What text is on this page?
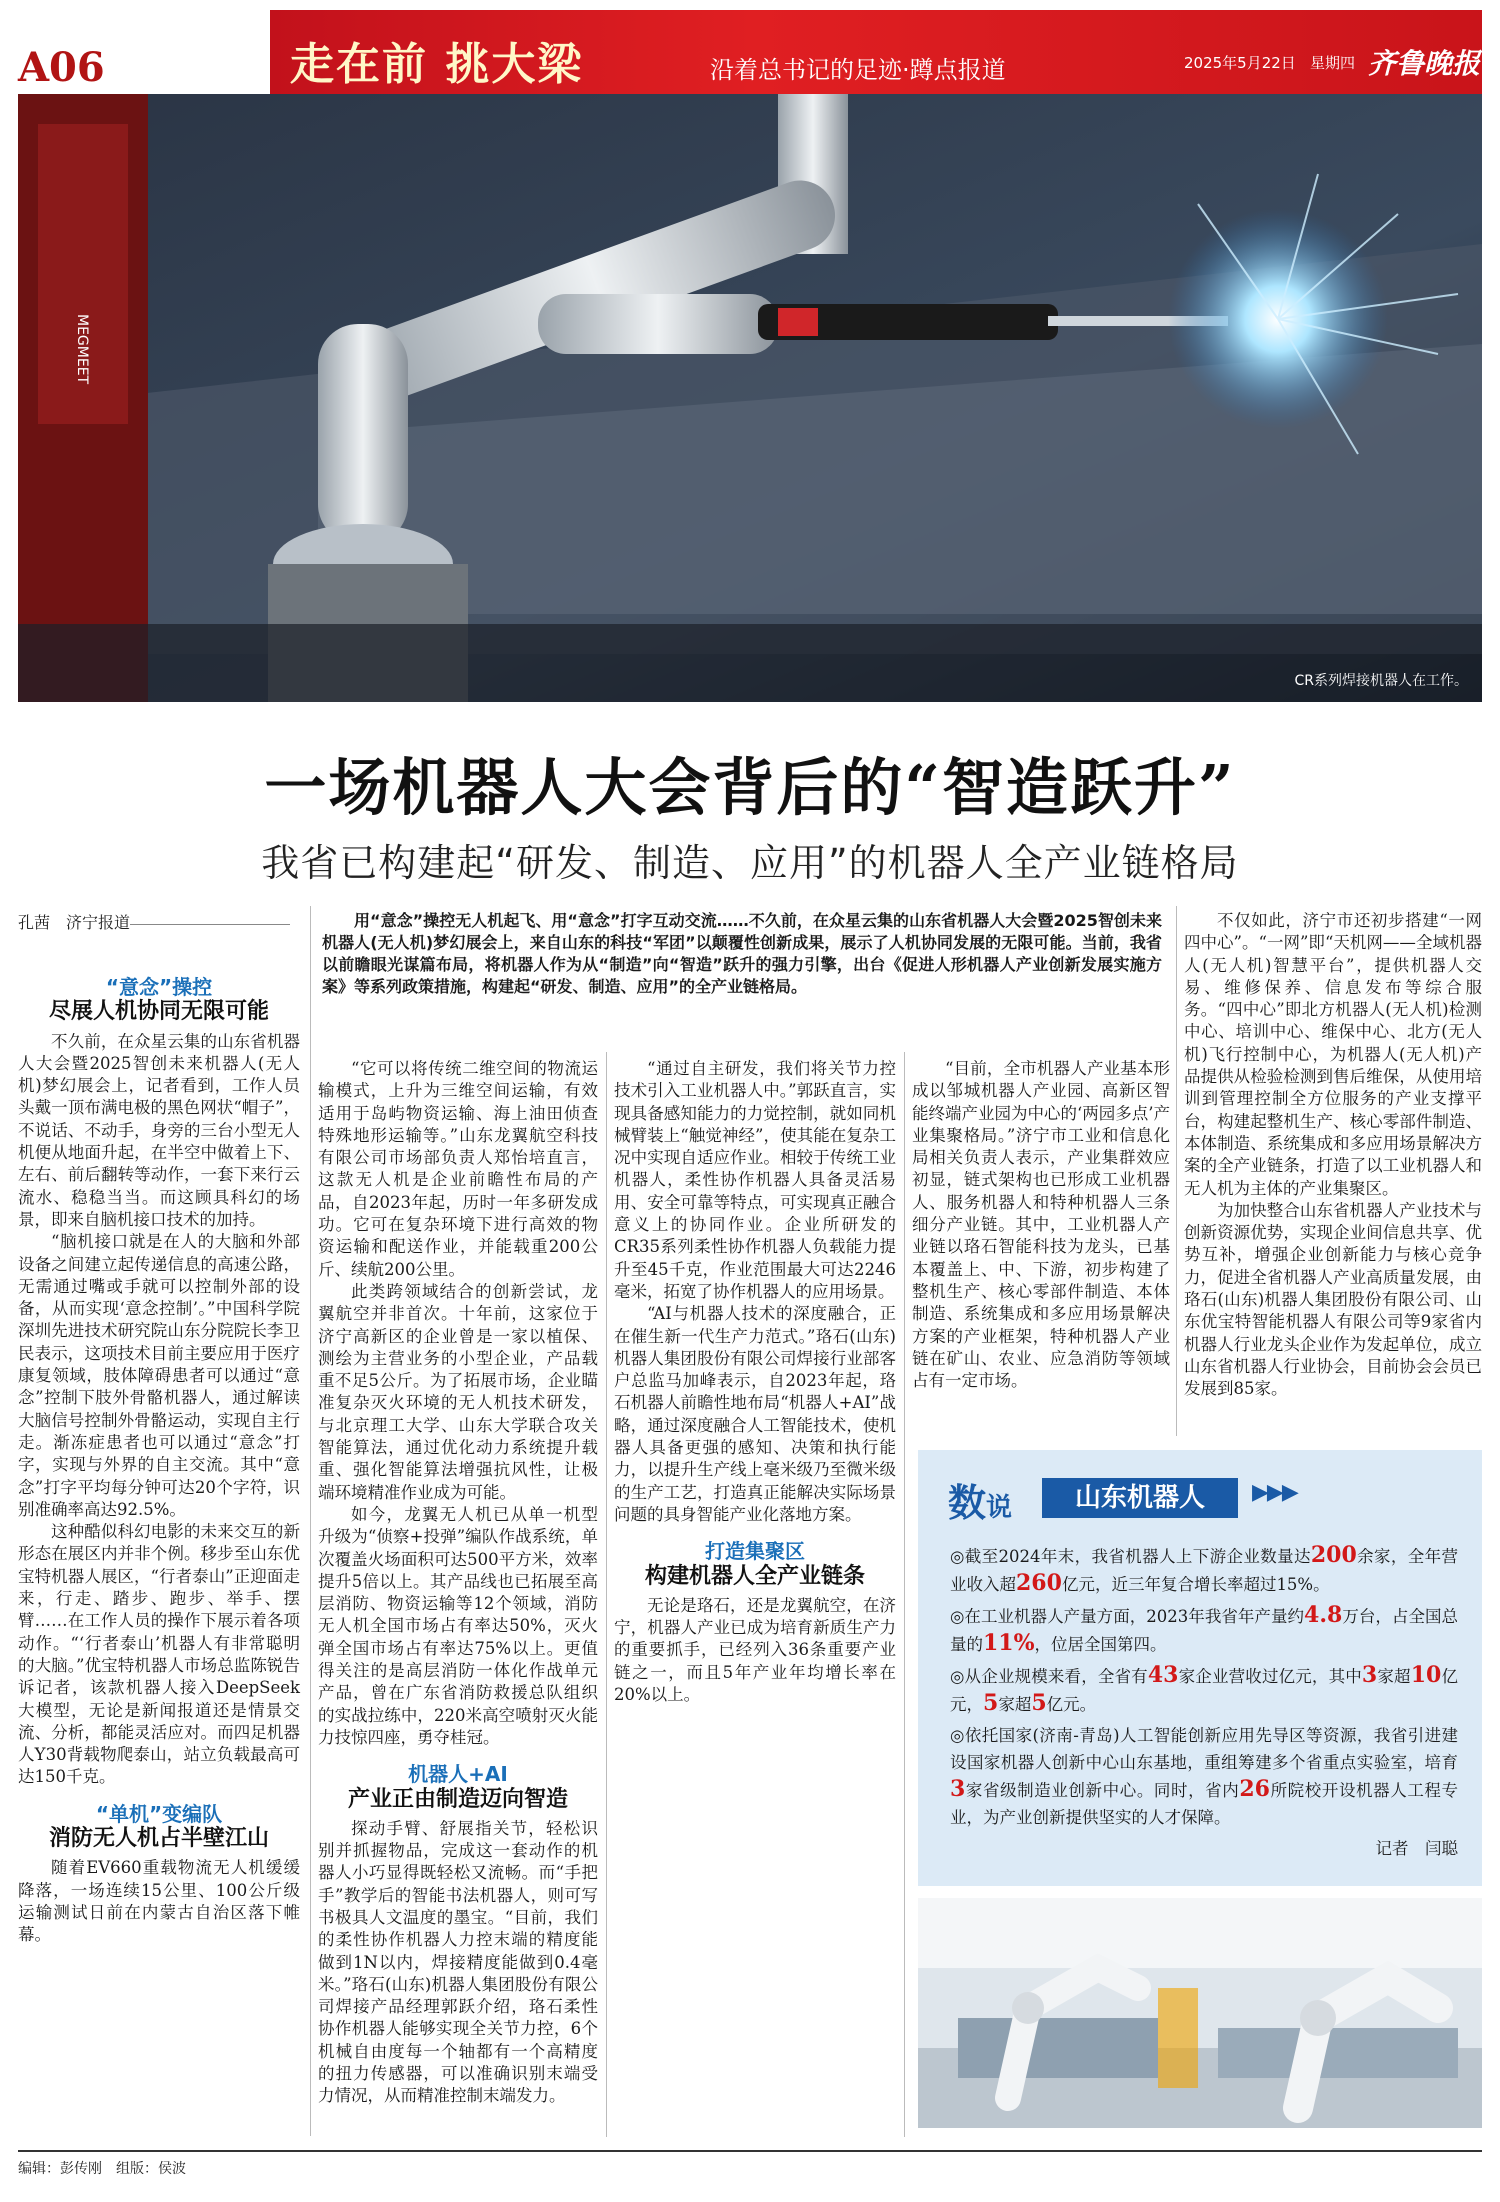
A06	走在前 挑大梁	沿着总书记的足迹·蹲点报道	2025年5月22日 星期四 齐鲁晚报
MEGMEET
CR系列焊接机器人在工作。
一场机器人大会背后的“智造跃升”
我省已构建起“研发、制造、应用”的机器人全产业链格局
孔茜　济宁报道	用“意念”操控无人机起飞、用“意念”打字互动交流……不久前，在众星云集的山东省机器人大会暨2025智创未来机器人(无人机)梦幻展会上，来自山东的科技“军团”以颠覆性创新成果，展示了人机协同发展的无限可能。当前，我省以前瞻眼光谋篇布局，将机器人作为从“制造”向“智造”跃升的强力引擎，出台《促进人形机器人产业创新发展实施方案》等系列政策措施，构建起“研发、制造、应用”的全产业链格局。

“意念”操控
尽展人机协同无限可能

不久前，在众星云集的山东省机器人大会暨2025智创未来机器人(无人机)梦幻展会上，记者看到，工作人员头戴一顶布满电极的黑色网状“帽子”，不说话、不动手，身旁的三台小型无人机便从地面升起，在半空中做着上下、左右、前后翻转等动作，一套下来行云流水、稳稳当当。而这顾具科幻的场景，即来自脑机接口技术的加持。

“脑机接口就是在人的大脑和外部设备之间建立起传递信息的高速公路，无需通过嘴或手就可以控制外部的设备，从而实现‘意念控制’。”中国科学院深圳先进技术研究院山东分院院长李卫民表示，这项技术目前主要应用于医疗康复领域，肢体障碍患者可以通过“意念”控制下肢外骨骼机器人，通过解读大脑信号控制外骨骼运动，实现自主行走。渐冻症患者也可以通过“意念”打字，实现与外界的自主交流。其中“意念”打字平均每分钟可达20个字符，识别准确率高达92.5%。

这种酷似科幻电影的未来交互的新形态在展区内并非个例。移步至山东优宝特机器人展区，“行者泰山”正迎面走来，行走、踏步、跑步、举手、摆臂……在工作人员的操作下展示着各项动作。“‘行者泰山’机器人有非常聪明的大脑。”优宝特机器人市场总监陈锐告诉记者，该款机器人接入DeepSeek大模型，无论是新闻报道还是情景交流、分析，都能灵活应对。而四足机器人Y30背载物爬泰山，站立负载最高可达150千克。

“单机”变编队
消防无人机占半壁江山

随着EV660重载物流无人机缓缓降落，一场连续15公里、100公斤级运输测试日前在内蒙古自治区落下帷幕。

“它可以将传统二维空间的物流运输模式，上升为三维空间运输，有效适用于岛屿物资运输、海上油田侦查特殊地形运输等。”山东龙翼航空科技有限公司市场部负责人郑怡培直言，这款无人机是企业前瞻性布局的产品，自2023年起，历时一年多研发成功。它可在复杂环境下进行高效的物资运输和配送作业，并能载重200公斤、续航200公里。

此类跨领域结合的创新尝试，龙翼航空并非首次。十年前，这家位于济宁高新区的企业曾是一家以植保、测绘为主营业务的小型企业，产品载重不足5公斤。为了拓展市场，企业瞄准复杂灭火环境的无人机技术研发，与北京理工大学、山东大学联合攻关智能算法，通过优化动力系统提升载重、强化智能算法增强抗风性，让极端环境精准作业成为可能。

如今，龙翼无人机已从单一机型升级为“侦察+投弹”编队作战系统，单次覆盖火场面积可达500平方米，效率提升5倍以上。其产品线也已拓展至高层消防、物资运输等12个领域，消防无人机全国市场占有率达50%，灭火弹全国市场占有率达75%以上。更值得关注的是高层消防一体化作战单元产品，曾在广东省消防救援总队组织的实战拉练中，220米高空喷射灭火能力技惊四座，勇夺桂冠。

机器人+AI
产业正由制造迈向智造

探动手臂、舒展指关节，轻松识别并抓握物品，完成这一套动作的机器人小巧显得既轻松又流畅。而“手把手”教学后的智能书法机器人，则可写书极具人文温度的墨宝。“目前，我们的柔性协作机器人力控末端的精度能做到1N以内，焊接精度能做到0.4毫米。”珞石(山东)机器人集团股份有限公司焊接产品经理郭跃介绍，珞石柔性协作机器人能够实现全关节力控，6个机械自由度每一个轴都有一个高精度的扭力传感器，可以准确识别末端受力情况，从而精准控制末端发力。

“通过自主研发，我们将关节力控技术引入工业机器人中。”郭跃直言，实现具备感知能力的力觉控制，就如同机械臂装上“触觉神经”，使其能在复杂工况中实现自适应作业。相较于传统工业机器人，柔性协作机器人具备灵活易用、安全可靠等特点，可实现真正融合意义上的协同作业。企业所研发的CR35系列柔性协作机器人负载能力提升至45千克，作业范围最大可达2246毫米，拓宽了协作机器人的应用场景。

“AI与机器人技术的深度融合，正在催生新一代生产力范式。”珞石(山东)机器人集团股份有限公司焊接行业部客户总监马加峰表示，自2023年起，珞石机器人前瞻性地布局“机器人+AI”战略，通过深度融合人工智能技术，使机器人具备更强的感知、决策和执行能力，以提升生产线上毫米级乃至微米级的生产工艺，打造真正能解决实际场景问题的具身智能产业化落地方案。

打造集聚区
构建机器人全产业链条

无论是珞石，还是龙翼航空，在济宁，机器人产业已成为培育新质生产力的重要抓手，已经列入36条重要产业链之一，而且5年产业年均增长率在20%以上。

“目前，全市机器人产业基本形成以邹城机器人产业园、高新区智能终端产业园为中心的‘两园多点’产业集聚格局。”济宁市工业和信息化局相关负责人表示，产业集群效应初显，链式架构也已形成工业机器人、服务机器人和特种机器人三条细分产业链。其中，工业机器人产业链以珞石智能科技为龙头，已基本覆盖上、中、下游，初步构建了整机生产、核心零部件制造、本体制造、系统集成和多应用场景解决方案的产业框架，特种机器人产业链在矿山、农业、应急消防等领域占有一定市场。

不仅如此，济宁市还初步搭建“一网四中心”。“一网”即“天机网——全域机器人(无人机)智慧平台”，提供机器人交易、维修保养、信息发布等综合服务。“四中心”即北方机器人(无人机)检测中心、培训中心、维保中心、北方(无人机)飞行控制中心，为机器人(无人机)产品提供从检验检测到售后维保，从使用培训到管理控制全方位服务的产业支撑平台，构建起整机生产、核心零部件制造、本体制造、系统集成和多应用场景解决方案的全产业链条，打造了以工业机器人和无人机为主体的产业集聚区。

为加快整合山东省机器人产业技术与创新资源优势，实现企业间信息共享、优势互补，增强企业创新能力与核心竞争力，促进全省机器人产业高质量发展，由珞石(山东)机器人集团股份有限公司、山东优宝特智能机器人有限公司等9家省内机器人行业龙头企业作为发起单位，成立山东省机器人行业协会，目前协会会员已发展到85家。

数说	山东机器人	▶▶▶

◎截至2024年末，我省机器人上下游企业数量达200余家，全年营业收入超260亿元，近三年复合增长率超过15%。

◎在工业机器人产量方面，2023年我省年产量约4.8万台，占全国总量的11%，位居全国第四。

◎从企业规模来看，全省有43家企业营收过亿元，其中3家超10亿元，5家超5亿元。

◎依托国家(济南-青岛)人工智能创新应用先导区等资源，我省引进建设国家机器人创新中心山东基地，重组筹建多个省重点实验室，培育3家省级制造业创新中心。同时，省内26所院校开设机器人工程专业，为产业创新提供坚实的人才保障。

记者　闫聪

编辑：彭传刚　组版：侯波
